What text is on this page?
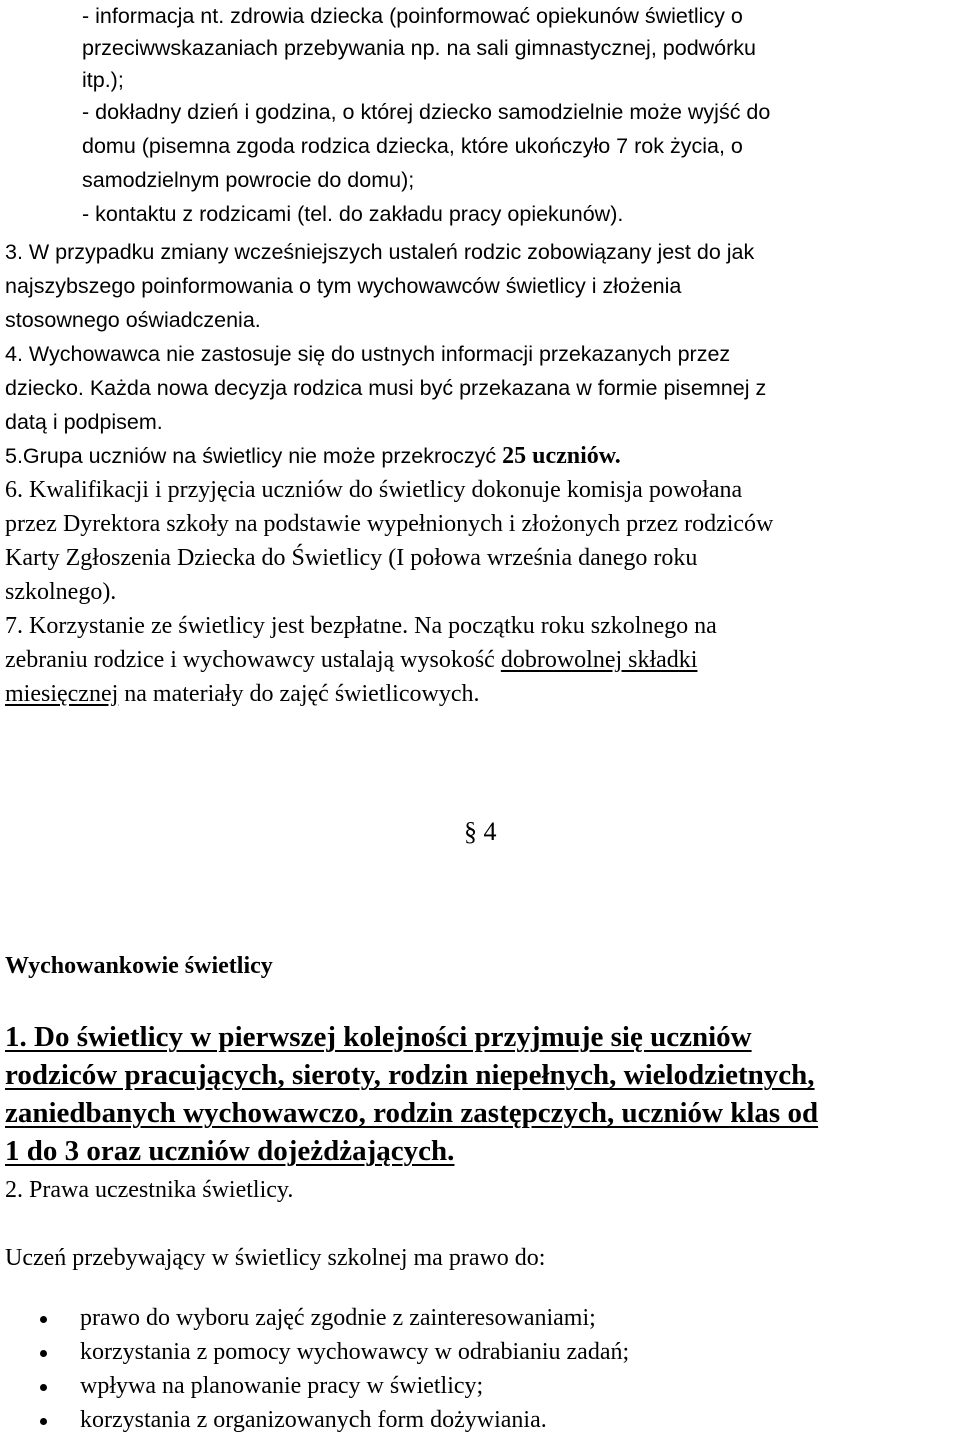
- informacja nt. zdrowia dziecka (poinformować opiekunów świetlicy o
przeciwwskazaniach przebywania np. na sali gimnastycznej, podwórku
itp.);
- dokładny dzień i godzina, o której dziecko samodzielnie może wyjść do
domu (pisemna zgoda rodzica dziecka, które ukończyło 7 rok życia, o
samodzielnym powrocie do domu);
- kontaktu z rodzicami (tel. do zakładu pracy opiekunów).
3. W przypadku zmiany wcześniejszych ustaleń rodzic zobowiązany jest do jak
najszybszego poinformowania o tym wychowawców świetlicy i złożenia
stosownego oświadczenia.
4. Wychowawca nie zastosuje się do ustnych informacji przekazanych przez
dziecko. Każda nowa decyzja rodzica musi być przekazana w formie pisemnej z
datą i podpisem.
5.Grupa uczniów na świetlicy nie może przekroczyć 25 uczniów.
6. Kwalifikacji i przyjęcia uczniów do świetlicy dokonuje komisja powołana
przez Dyrektora szkoły na podstawie wypełnionych i złożonych przez rodziców
Karty Zgłoszenia Dziecka do Świetlicy (I połowa września danego roku
szkolnego).
7. Korzystanie ze świetlicy jest bezpłatne. Na początku roku szkolnego na
zebraniu rodzice i wychowawcy ustalają wysokość dobrowolnej składki
miesięcznej na materiały do zajęć świetlicowych.
§ 4
Wychowankowie świetlicy
1. Do świetlicy w pierwszej kolejności przyjmuje się uczniów
rodziców pracujących, sieroty, rodzin niepełnych, wielodzietnych,
zaniedbanych wychowawczo, rodzin zastępczych, uczniów klas od
1 do 3 oraz uczniów dojeżdżających.
2. Prawa uczestnika świetlicy.
Uczeń przebywający w świetlicy szkolnej ma prawo do:
prawo do wyboru zajęć zgodnie z zainteresowaniami;
korzystania z pomocy wychowawcy w odrabianiu zadań;
wpływa na planowanie pracy w świetlicy;
korzystania z organizowanych form dożywiania.
